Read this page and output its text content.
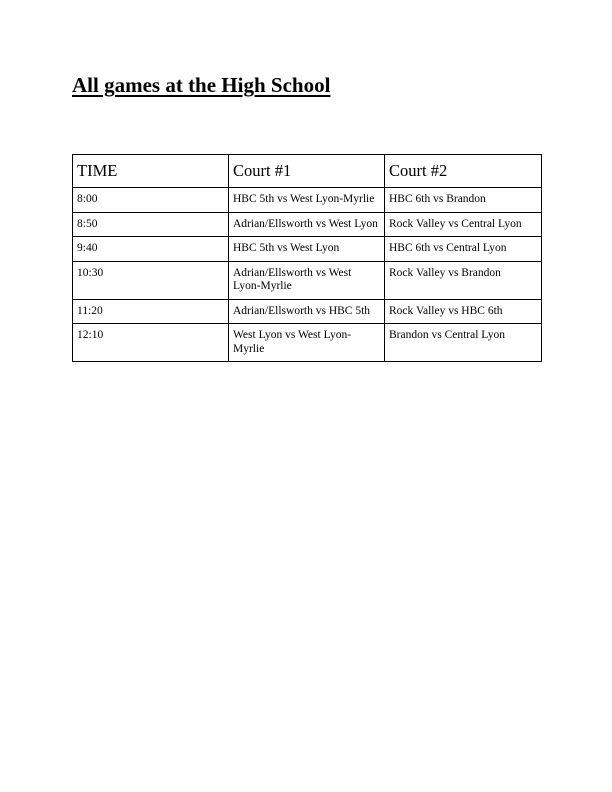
All games at the High School
TIME	Court #1	Court #2
8:00	HBC 5th vs West Lyon-Myrlie	HBC 6th vs Brandon
8:50	Adrian/Ellsworth vs West Lyon	Rock Valley vs Central Lyon
9:40	HBC 5th vs West Lyon	HBC 6th vs Central Lyon
10:30	Adrian/Ellsworth vs West Lyon-Myrlie	Rock Valley vs Brandon
11:20	Adrian/Ellsworth vs HBC 5th	Rock Valley vs HBC 6th
12:10	West Lyon vs West Lyon-Myrlie	Brandon vs Central Lyon
